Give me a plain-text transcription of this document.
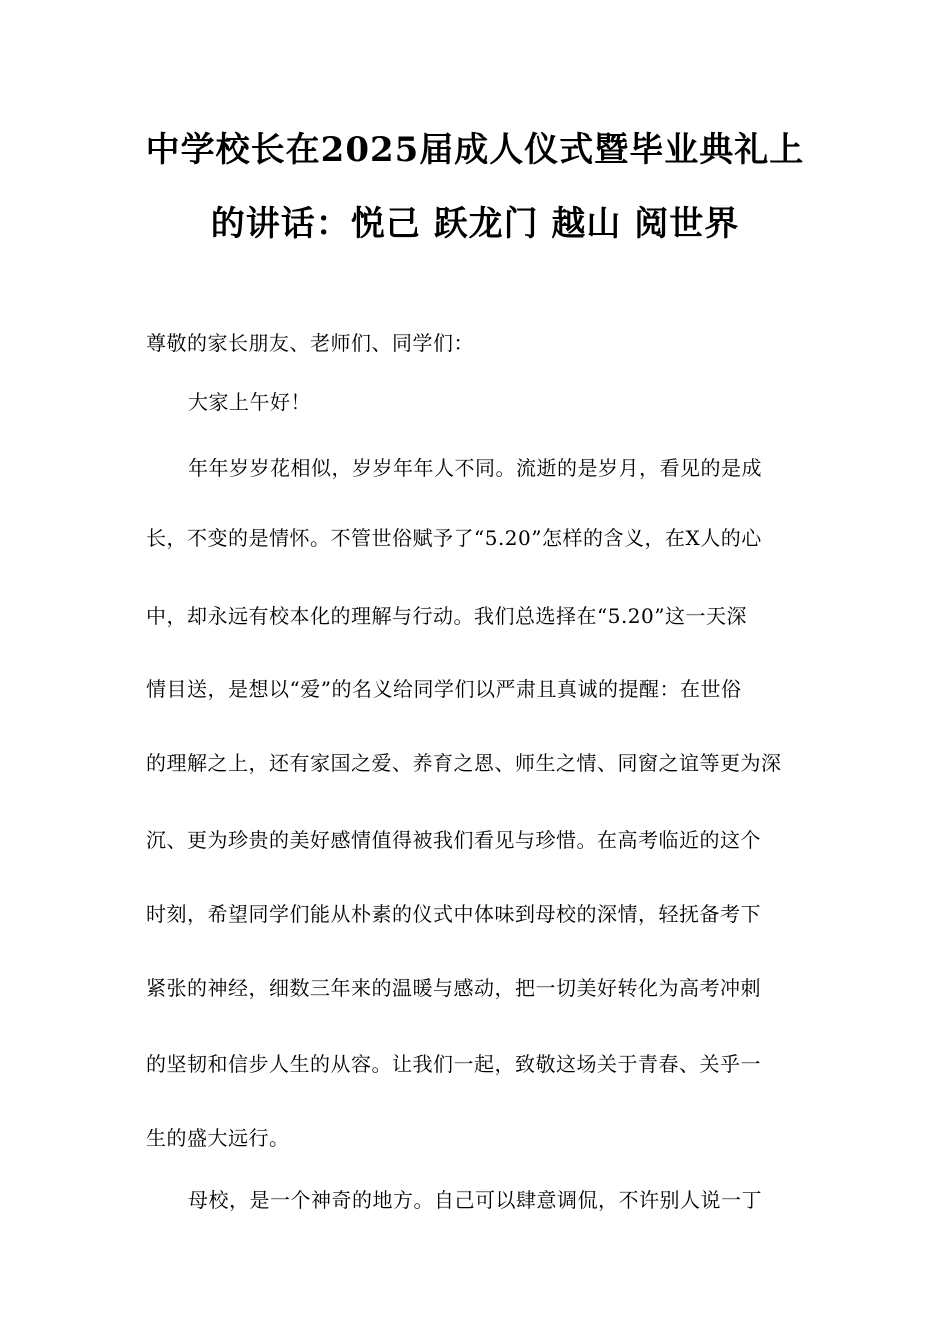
中学校长在2025届成人仪式暨毕业典礼上
的讲话：悦己 跃龙门 越山 阅世界
尊敬的家长朋友、老师们、同学们：
大家上午好！
年年岁岁花相似，岁岁年年人不同。流逝的是岁月，看见的是成
长，不变的是情怀。不管世俗赋予了“5.20”怎样的含义，在X人的心
中，却永远有校本化的理解与行动。我们总选择在“5.20”这一天深
情目送，是想以“爱”的名义给同学们以严肃且真诚的提醒：在世俗
的理解之上，还有家国之爱、养育之恩、师生之情、同窗之谊等更为深
沉、更为珍贵的美好感情值得被我们看见与珍惜。在高考临近的这个
时刻，希望同学们能从朴素的仪式中体味到母校的深情，轻抚备考下
紧张的神经，细数三年来的温暖与感动，把一切美好转化为高考冲刺
的坚韧和信步人生的从容。让我们一起，致敬这场关于青春、关乎一
生的盛大远行。
母校，是一个神奇的地方。自己可以肆意调侃，不许别人说一丁
